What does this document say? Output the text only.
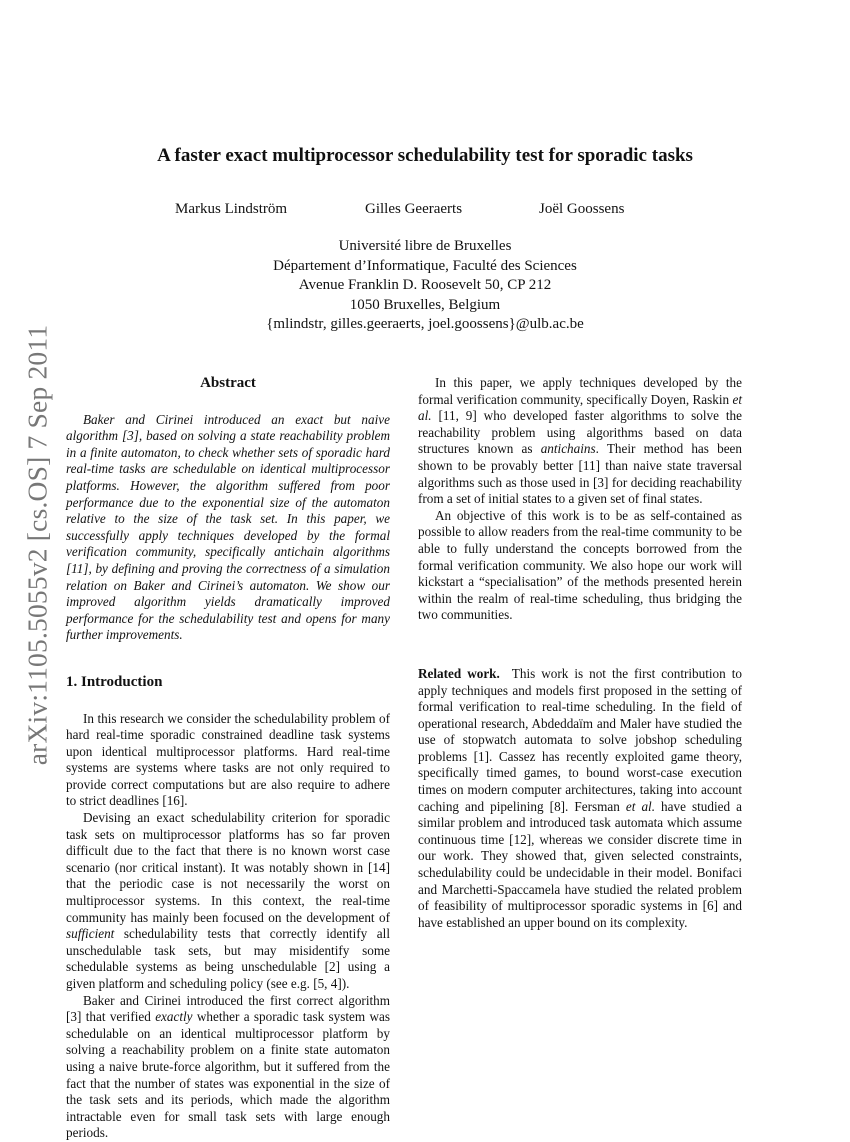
arXiv:1105.5055v2 [cs.OS] 7 Sep 2011
A faster exact multiprocessor schedulability test for sporadic tasks
Markus Lindström	Gilles Geeraerts	Joël Goossens
Université libre de Bruxelles
Département d’Informatique, Faculté des Sciences
Avenue Franklin D. Roosevelt 50, CP 212
1050 Bruxelles, Belgium
{mlindstr, gilles.geeraerts, joel.goossens}@ulb.ac.be
Abstract

Baker and Cirinei introduced an exact but naive algorithm [3], based on solving a state reachability problem in a finite automaton, to check whether sets of sporadic hard real-time tasks are schedulable on identical multiprocessor platforms. However, the algorithm suffered from poor performance due to the exponential size of the automaton relative to the size of the task set. In this paper, we successfully apply techniques developed by the formal verification community, specifically antichain algorithms [11], by defining and proving the correctness of a simulation relation on Baker and Cirinei’s automaton. We show our improved algorithm yields dramatically improved performance for the schedulability test and opens for many further improvements.

1. Introduction

In this research we consider the schedulability problem of hard real-time sporadic constrained deadline task systems upon identical multiprocessor platforms. Hard real-time systems are systems where tasks are not only required to provide correct computations but are also require to adhere to strict deadlines [16].

Devising an exact schedulability criterion for sporadic task sets on multiprocessor platforms has so far proven difficult due to the fact that there is no known worst case scenario (nor critical instant). It was notably shown in [14] that the periodic case is not necessarily the worst on multiprocessor systems. In this context, the real-time community has mainly been focused on the development of sufficient schedulability tests that correctly identify all unschedulable task sets, but may misidentify some schedulable systems as being unschedulable [2] using a given platform and scheduling policy (see e.g. [5, 4]).

Baker and Cirinei introduced the first correct algorithm [3] that verified exactly whether a sporadic task system was schedulable on an identical multiprocessor platform by solving a reachability problem on a finite state automaton using a naive brute-force algorithm, but it suffered from the fact that the number of states was exponential in the size of the task sets and its periods, which made the algorithm intractable even for small task sets with large enough periods.

In this paper, we apply techniques developed by the formal verification community, specifically Doyen, Raskin et al. [11, 9] who developed faster algorithms to solve the reachability problem using algorithms based on data structures known as antichains. Their method has been shown to be provably better [11] than naive state traversal algorithms such as those used in [3] for deciding reachability from a set of initial states to a given set of final states.

An objective of this work is to be as self-contained as possible to allow readers from the real-time community to be able to fully understand the concepts borrowed from the formal verification community. We also hope our work will kickstart a “specialisation” of the methods presented herein within the realm of real-time scheduling, thus bridging the two communities.

Related work. This work is not the first contribution to apply techniques and models first proposed in the setting of formal verification to real-time scheduling. In the field of operational research, Abdeddaïm and Maler have studied the use of stopwatch automata to solve jobshop scheduling problems [1]. Cassez has recently exploited game theory, specifically timed games, to bound worst-case execution times on modern computer architectures, taking into account caching and pipelining [8]. Fersman et al. have studied a similar problem and introduced task automata which assume continuous time [12], whereas we consider discrete time in our work. They showed that, given selected constraints, schedulability could be undecidable in their model. Bonifaci and Marchetti-Spaccamela have studied the related problem of feasibility of multiprocessor sporadic systems in [6] and have established an upper bound on its complexity.
